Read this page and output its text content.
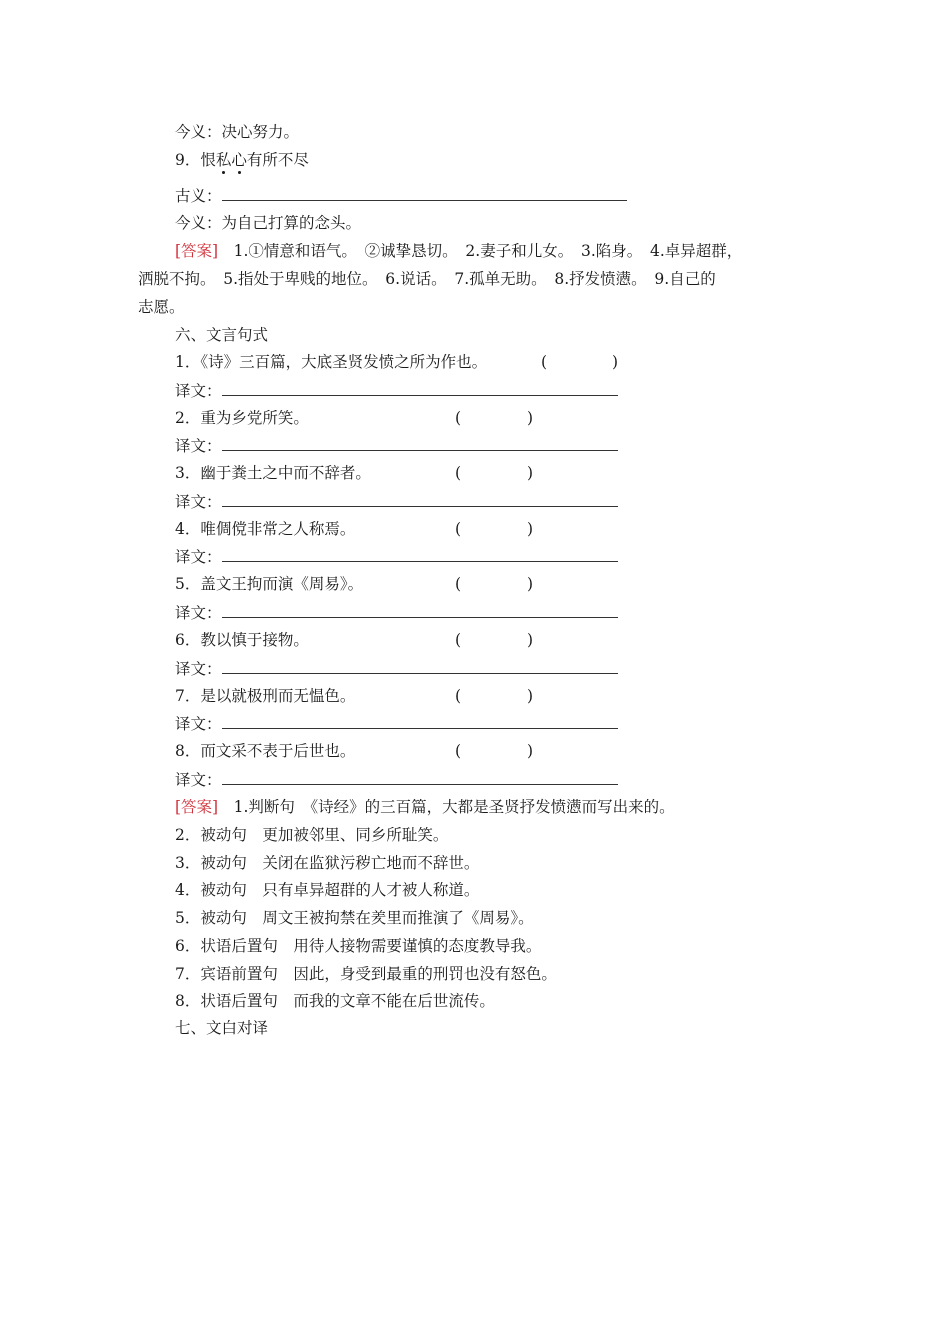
今义：决心努力。
9．恨私心有所不尽
古义：
今义：为自己打算的念头。
[答案]　 1.①情意和语气。　②诚挚恳切。　2.妻子和儿女。　3.陷身。　4.卓异超群，
洒脱不拘。　5.指处于卑贱的地位。　6.说话。　7.孤单无助。　8.抒发愤懑。　9.自己的
志愿。
六、文言句式
1．《诗》三百篇，大底圣贤发愤之所为作也。	(	)
译文：
2．重为乡党所笑。	(	)
译文：
3．幽于粪土之中而不辞者。	(	)
译文：
4．唯倜傥非常之人称焉。	(	)
译文：
5．盖文王拘而演《周易》。	(	)
译文：
6．教以慎于接物。	(	)
译文：
7．是以就极刑而无愠色。	(	)
译文：
8．而文采不表于后世也。	(	)
译文：
[答案]　 1.判断句　《诗经》的三百篇，大都是圣贤抒发愤懑而写出来的。
2．被动句　更加被邻里、同乡所耻笑。
3．被动句　关闭在监狱污秽亡地而不辞世。
4．被动句　只有卓异超群的人才被人称道。
5．被动句　周文王被拘禁在羑里而推演了《周易》。
6．状语后置句　用待人接物需要谨慎的态度教导我。
7．宾语前置句　因此，身受到最重的刑罚也没有怒色。
8．状语后置句　而我的文章不能在后世流传。
七、文白对译
